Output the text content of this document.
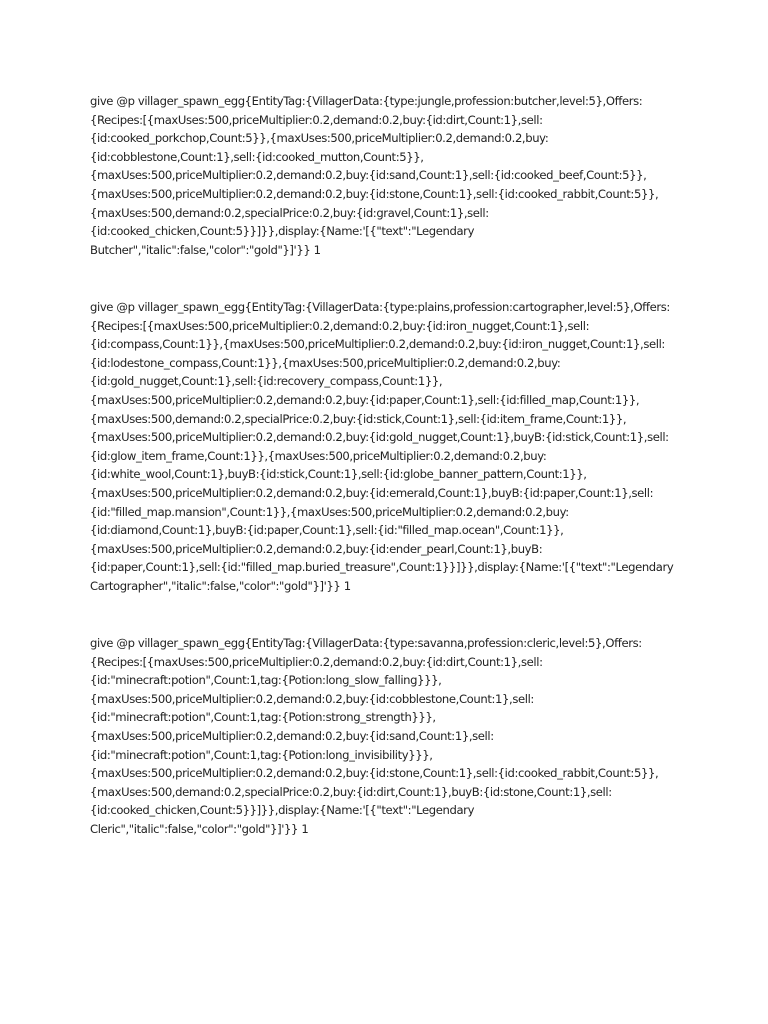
give @p villager_spawn_egg{EntityTag:{VillagerData:{type:jungle,profession:butcher,level:5},Offers:
{Recipes:[{maxUses:500,priceMultiplier:0.2,demand:0.2,buy:{id:dirt,Count:1},sell:
{id:cooked_porkchop,Count:5}},{maxUses:500,priceMultiplier:0.2,demand:0.2,buy:
{id:cobblestone,Count:1},sell:{id:cooked_mutton,Count:5}},
{maxUses:500,priceMultiplier:0.2,demand:0.2,buy:{id:sand,Count:1},sell:{id:cooked_beef,Count:5}},
{maxUses:500,priceMultiplier:0.2,demand:0.2,buy:{id:stone,Count:1},sell:{id:cooked_rabbit,Count:5}},
{maxUses:500,demand:0.2,specialPrice:0.2,buy:{id:gravel,Count:1},sell:
{id:cooked_chicken,Count:5}}]}},display:{Name:'[{"text":"Legendary
Butcher","italic":false,"color":"gold"}]'}} 1
give @p villager_spawn_egg{EntityTag:{VillagerData:{type:plains,profession:cartographer,level:5},Offers:
{Recipes:[{maxUses:500,priceMultiplier:0.2,demand:0.2,buy:{id:iron_nugget,Count:1},sell:
{id:compass,Count:1}},{maxUses:500,priceMultiplier:0.2,demand:0.2,buy:{id:iron_nugget,Count:1},sell:
{id:lodestone_compass,Count:1}},{maxUses:500,priceMultiplier:0.2,demand:0.2,buy:
{id:gold_nugget,Count:1},sell:{id:recovery_compass,Count:1}},
{maxUses:500,priceMultiplier:0.2,demand:0.2,buy:{id:paper,Count:1},sell:{id:filled_map,Count:1}},
{maxUses:500,demand:0.2,specialPrice:0.2,buy:{id:stick,Count:1},sell:{id:item_frame,Count:1}},
{maxUses:500,priceMultiplier:0.2,demand:0.2,buy:{id:gold_nugget,Count:1},buyB:{id:stick,Count:1},sell:
{id:glow_item_frame,Count:1}},{maxUses:500,priceMultiplier:0.2,demand:0.2,buy:
{id:white_wool,Count:1},buyB:{id:stick,Count:1},sell:{id:globe_banner_pattern,Count:1}},
{maxUses:500,priceMultiplier:0.2,demand:0.2,buy:{id:emerald,Count:1},buyB:{id:paper,Count:1},sell:
{id:"filled_map.mansion",Count:1}},{maxUses:500,priceMultiplier:0.2,demand:0.2,buy:
{id:diamond,Count:1},buyB:{id:paper,Count:1},sell:{id:"filled_map.ocean",Count:1}},
{maxUses:500,priceMultiplier:0.2,demand:0.2,buy:{id:ender_pearl,Count:1},buyB:
{id:paper,Count:1},sell:{id:"filled_map.buried_treasure",Count:1}}]}},display:{Name:'[{"text":"Legendary
Cartographer","italic":false,"color":"gold"}]'}} 1
give @p villager_spawn_egg{EntityTag:{VillagerData:{type:savanna,profession:cleric,level:5},Offers:
{Recipes:[{maxUses:500,priceMultiplier:0.2,demand:0.2,buy:{id:dirt,Count:1},sell:
{id:"minecraft:potion",Count:1,tag:{Potion:long_slow_falling}}},
{maxUses:500,priceMultiplier:0.2,demand:0.2,buy:{id:cobblestone,Count:1},sell:
{id:"minecraft:potion",Count:1,tag:{Potion:strong_strength}}},
{maxUses:500,priceMultiplier:0.2,demand:0.2,buy:{id:sand,Count:1},sell:
{id:"minecraft:potion",Count:1,tag:{Potion:long_invisibility}}},
{maxUses:500,priceMultiplier:0.2,demand:0.2,buy:{id:stone,Count:1},sell:{id:cooked_rabbit,Count:5}},
{maxUses:500,demand:0.2,specialPrice:0.2,buy:{id:dirt,Count:1},buyB:{id:stone,Count:1},sell:
{id:cooked_chicken,Count:5}}]}},display:{Name:'[{"text":"Legendary
Cleric","italic":false,"color":"gold"}]'}} 1
